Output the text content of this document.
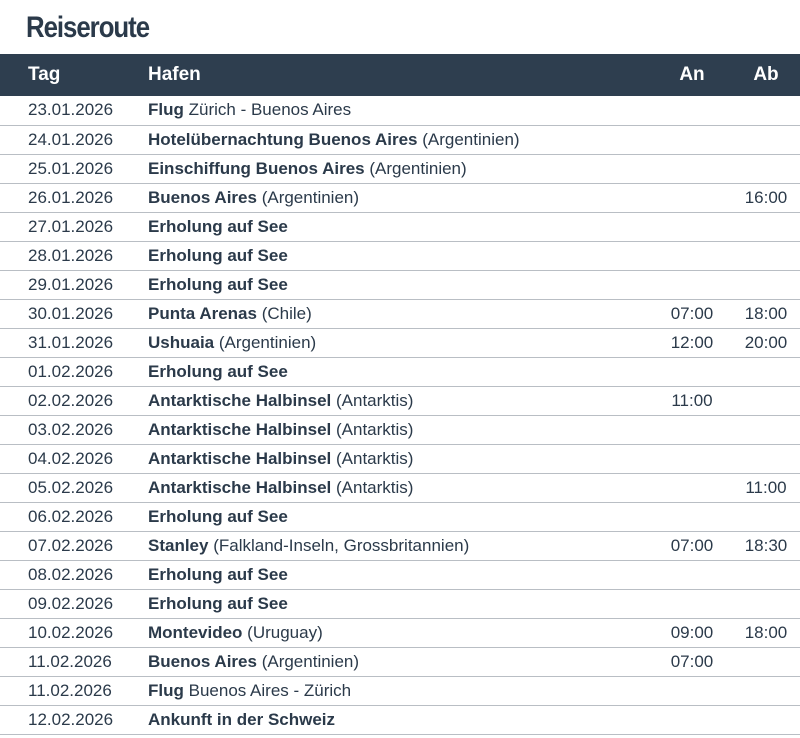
Reiseroute
Tag	Hafen	An	Ab
23.01.2026	Flug Zürich - Buenos Aires		
24.01.2026	Hotelübernachtung Buenos Aires (Argentinien)		
25.01.2026	Einschiffung Buenos Aires (Argentinien)		
26.01.2026	Buenos Aires (Argentinien)		16:00
27.01.2026	Erholung auf See		
28.01.2026	Erholung auf See		
29.01.2026	Erholung auf See		
30.01.2026	Punta Arenas (Chile)	07:00	18:00
31.01.2026	Ushuaia (Argentinien)	12:00	20:00
01.02.2026	Erholung auf See		
02.02.2026	Antarktische Halbinsel (Antarktis)	11:00	
03.02.2026	Antarktische Halbinsel (Antarktis)		
04.02.2026	Antarktische Halbinsel (Antarktis)		
05.02.2026	Antarktische Halbinsel (Antarktis)		11:00
06.02.2026	Erholung auf See		
07.02.2026	Stanley (Falkland-Inseln, Grossbritannien)	07:00	18:30
08.02.2026	Erholung auf See		
09.02.2026	Erholung auf See		
10.02.2026	Montevideo (Uruguay)	09:00	18:00
11.02.2026	Buenos Aires (Argentinien)	07:00	
11.02.2026	Flug Buenos Aires - Zürich		
12.02.2026	Ankunft in der Schweiz		
